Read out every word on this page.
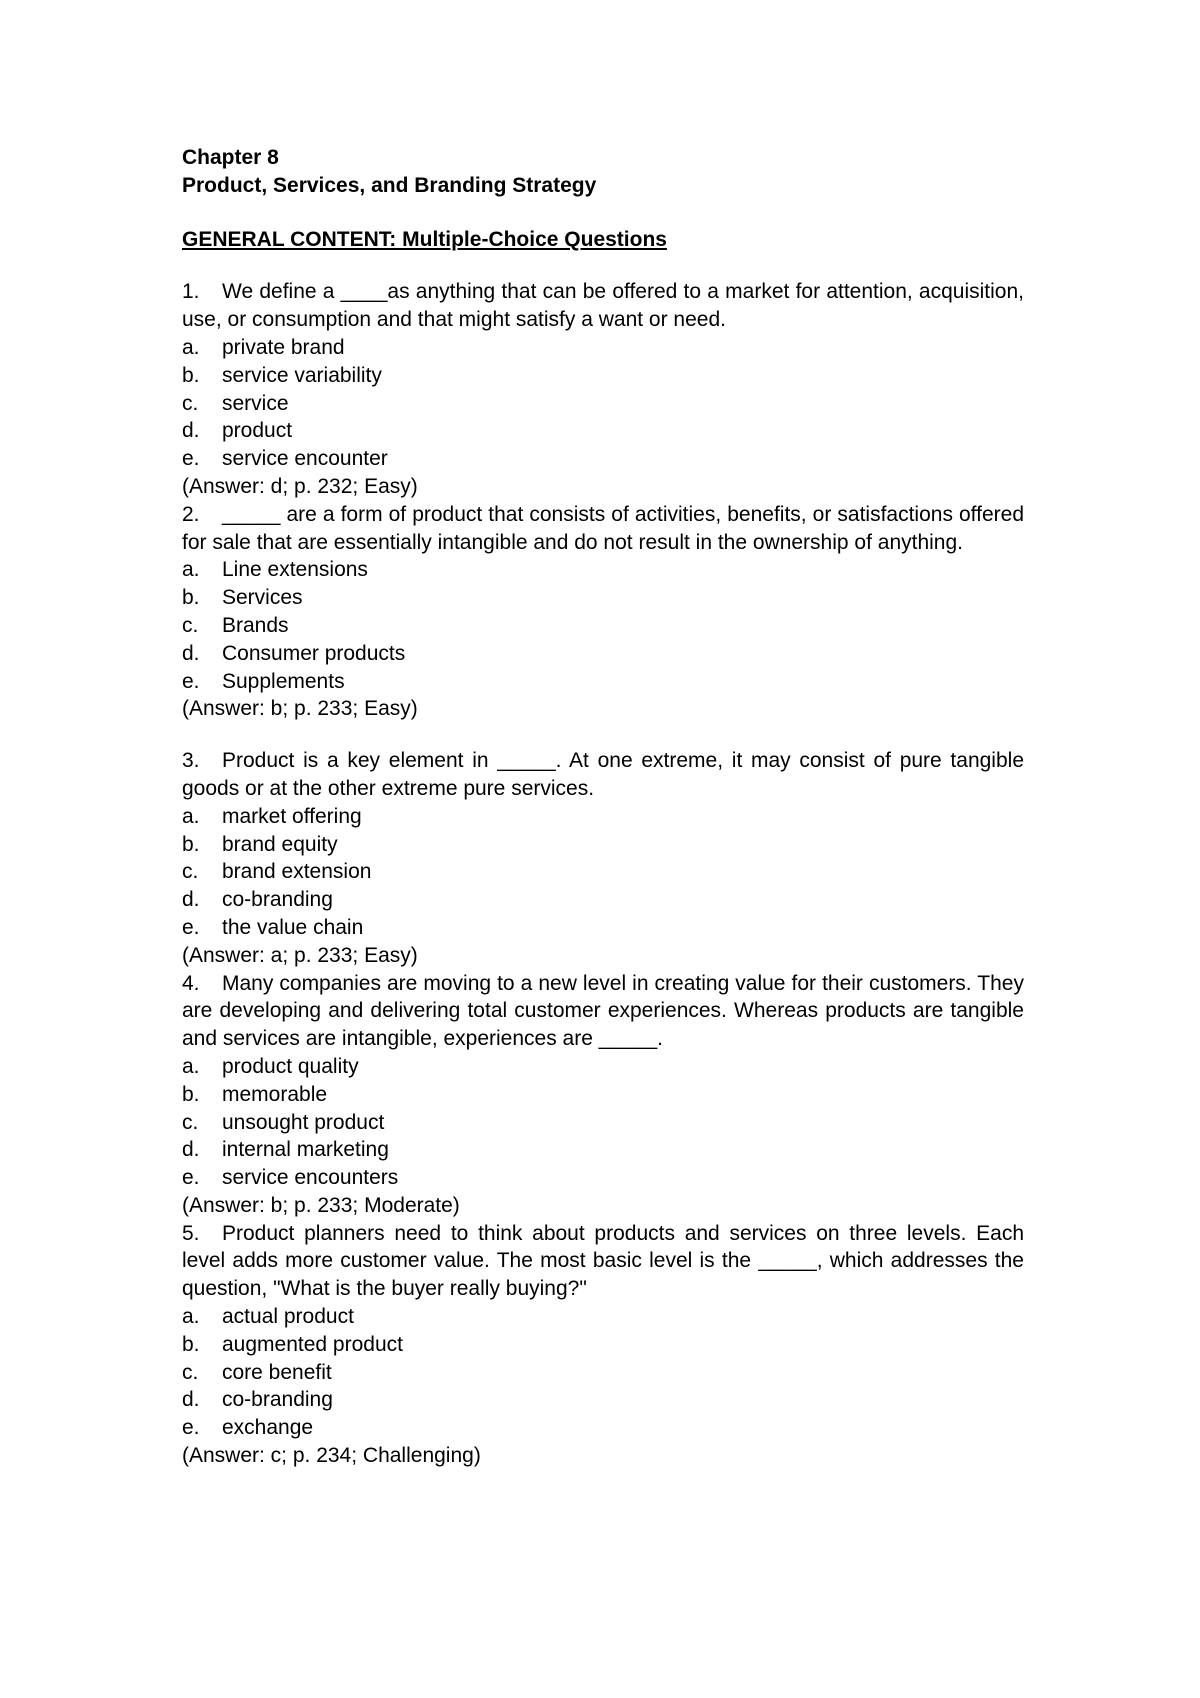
Chapter 8

Product, Services, and Branding Strategy

GENERAL CONTENT: Multiple-Choice Questions

1. We define a ____as anything that can be offered to a market for attention, acquisition, use, or consumption and that might satisfy a want or need.

a. private brand

b. service variability

c. service

d. product

e. service encounter

(Answer: d; p. 232; Easy)

2. _____ are a form of product that consists of activities, benefits, or satisfactions offered for sale that are essentially intangible and do not result in the ownership of anything.

a. Line extensions

b. Services

c. Brands

d. Consumer products

e. Supplements

(Answer: b; p. 233; Easy)

3. Product is a key element in _____. At one extreme, it may consist of pure tangible goods or at the other extreme pure services.

a. market offering

b. brand equity

c. brand extension

d. co-branding

e. the value chain

(Answer: a; p. 233; Easy)

4. Many companies are moving to a new level in creating value for their customers. They are developing and delivering total customer experiences. Whereas products are tangible and services are intangible, experiences are _____.

a. product quality

b. memorable

c. unsought product

d. internal marketing

e. service encounters

(Answer: b; p. 233; Moderate)

5. Product planners need to think about products and services on three levels. Each level adds more customer value. The most basic level is the _____, which addresses the question, "What is the buyer really buying?"

a. actual product

b. augmented product

c. core benefit

d. co-branding

e. exchange

(Answer: c; p. 234; Challenging)
